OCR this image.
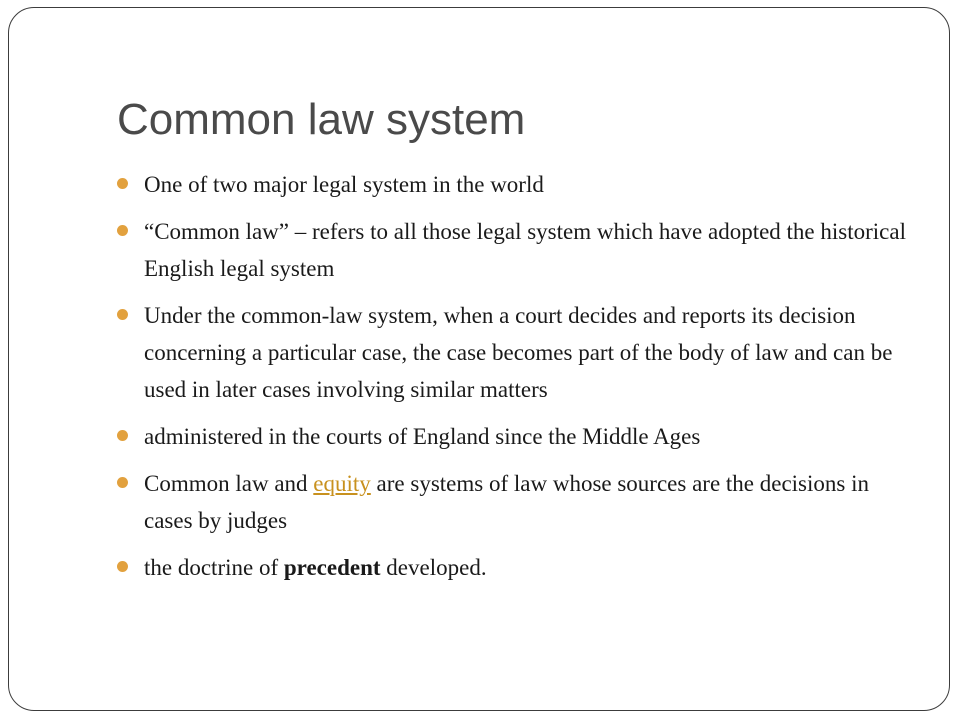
Common law system
One of two major legal system in the world
“Common law” – refers to all those legal system which have adopted the historical English legal system
Under the common-law system, when a court decides and reports its decision concerning a particular case, the case becomes part of the body of law and can be used in later cases involving similar matters
administered in the courts of England since the Middle Ages
Common law and equity are systems of law whose sources are the decisions in cases by judges
the doctrine of precedent developed.
